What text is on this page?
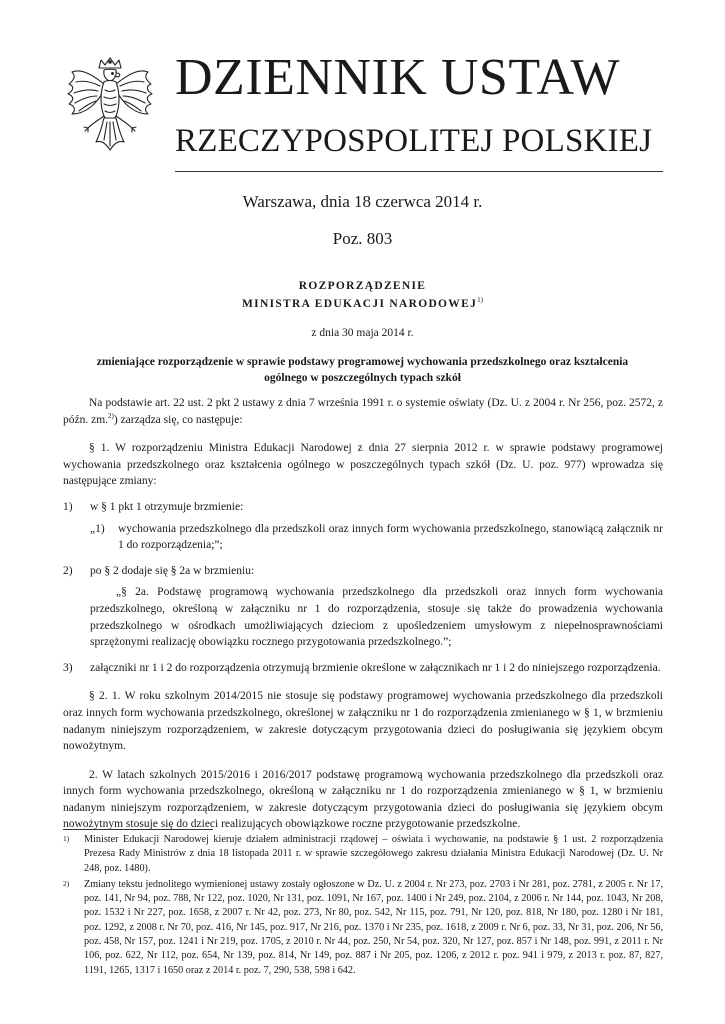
DZIENNIK USTAW
RZECZYPOSPOLITEJ POLSKIEJ
Warszawa, dnia 18 czerwca 2014 r.
Poz. 803
ROZPORZĄDZENIE
MINISTRA EDUKACJI NARODOWEJ$^{1)}$
z dnia 30 maja 2014 r.
zmieniające rozporządzenie w sprawie podstawy programowej wychowania przedszkolnego oraz kształcenia ogólnego w poszczególnych typach szkół

Na podstawie art. 22 ust. 2 pkt 2 ustawy z dnia 7 września 1991 r. o systemie oświaty (Dz. U. z 2004 r. Nr 256, poz. 2572, z późn. zm.$^{2)}$) zarządza się, co następuje:

§ 1. W rozporządzeniu Ministra Edukacji Narodowej z dnia 27 sierpnia 2012 r. w sprawie podstawy programowej wychowania przedszkolnego oraz kształcenia ogólnego w poszczególnych typach szkół (Dz. U. poz. 977) wprowadza się następujące zmiany:

1) w § 1 pkt 1 otrzymuje brzmienie:
„1) wychowania przedszkolnego dla przedszkoli oraz innych form wychowania przedszkolnego, stanowiącą załącznik nr 1 do rozporządzenia;”;
2) po § 2 dodaje się § 2a w brzmieniu:
„§ 2a. Podstawę programową wychowania przedszkolnego dla przedszkoli oraz innych form wychowania przedszkolnego, określoną w załączniku nr 1 do rozporządzenia, stosuje się także do prowadzenia wychowania przedszkolnego w ośrodkach umożliwiających dzieciom z upośledzeniem umysłowym z niepełnosprawnościami sprzężonymi realizację obowiązku rocznego przygotowania przedszkolnego.”;
3) załączniki nr 1 i 2 do rozporządzenia otrzymują brzmienie określone w załącznikach nr 1 i 2 do niniejszego rozporządzenia.

§ 2. 1. W roku szkolnym 2014/2015 nie stosuje się podstawy programowej wychowania przedszkolnego dla przedszkoli oraz innych form wychowania przedszkolnego, określonej w załączniku nr 1 do rozporządzenia zmienianego w § 1, w brzmieniu nadanym niniejszym rozporządzeniem, w zakresie dotyczącym przygotowania dzieci do posługiwania się językiem obcym nowożytnym.

2. W latach szkolnych 2015/2016 i 2016/2017 podstawę programową wychowania przedszkolnego dla przedszkoli oraz innych form wychowania przedszkolnego, określoną w załączniku nr 1 do rozporządzenia zmienianego w § 1, w brzmieniu nadanym niniejszym rozporządzeniem, w zakresie dotyczącym przygotowania dzieci do posługiwania się językiem obcym nowożytnym stosuje się do dzieci realizujących obowiązkowe roczne przygotowanie przedszkolne.

1) Minister Edukacji Narodowej kieruje działem administracji rządowej – oświata i wychowanie, na podstawie § 1 ust. 2 rozporządzenia Prezesa Rady Ministrów z dnia 18 listopada 2011 r. w sprawie szczegółowego zakresu działania Ministra Edukacji Narodowej (Dz. U. Nr 248, poz. 1480).
2) Zmiany tekstu jednolitego wymienionej ustawy zostały ogłoszone w Dz. U. z 2004 r. Nr 273, poz. 2703 i Nr 281, poz. 2781, z 2005 r. Nr 17, poz. 141, Nr 94, poz. 788, Nr 122, poz. 1020, Nr 131, poz. 1091, Nr 167, poz. 1400 i Nr 249, poz. 2104, z 2006 r. Nr 144, poz. 1043, Nr 208, poz. 1532 i Nr 227, poz. 1658, z 2007 r. Nr 42, poz. 273, Nr 80, poz. 542, Nr 115, poz. 791, Nr 120, poz. 818, Nr 180, poz. 1280 i Nr 181, poz. 1292, z 2008 r. Nr 70, poz. 416, Nr 145, poz. 917, Nr 216, poz. 1370 i Nr 235, poz. 1618, z 2009 r. Nr 6, poz. 33, Nr 31, poz. 206, Nr 56, poz. 458, Nr 157, poz. 1241 i Nr 219, poz. 1705, z 2010 r. Nr 44, poz. 250, Nr 54, poz. 320, Nr 127, poz. 857 i Nr 148, poz. 991, z 2011 r. Nr 106, poz. 622, Nr 112, poz. 654, Nr 139, poz. 814, Nr 149, poz. 887 i Nr 205, poz. 1206, z 2012 r. poz. 941 i 979, z 2013 r. poz. 87, 827, 1191, 1265, 1317 i 1650 oraz z 2014 r. poz. 7, 290, 538, 598 i 642.
